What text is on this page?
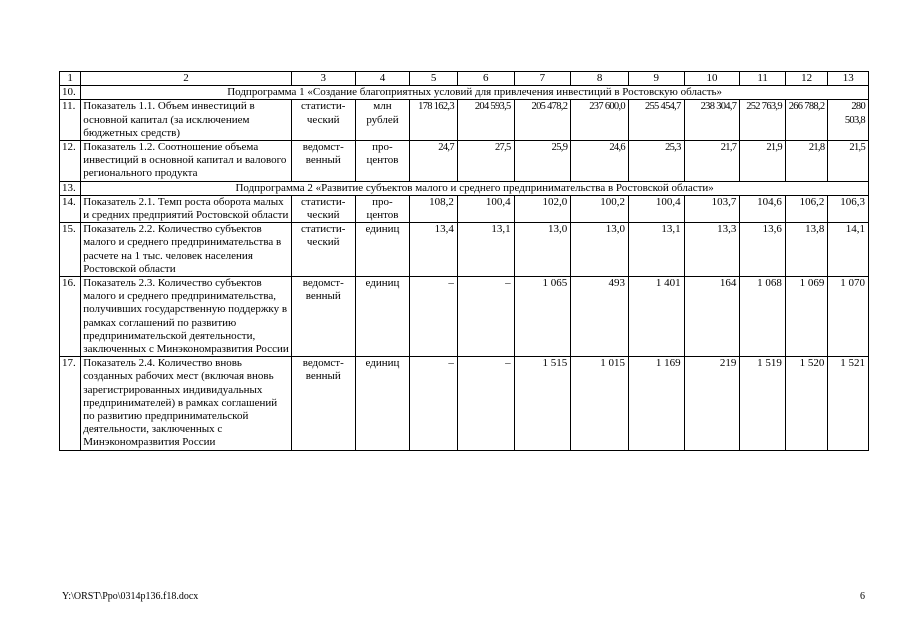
1	2	3	4	5	6	7	8	9	10	11	12	13
10.	Подпрограмма 1 «Создание благоприятных условий для привлечения инвестиций в Ростовскую область»											
11.	Показатель 1.1. Объем инвестиций в основной капитал (за исключением бюджетных средств)	статисти-ческий	млн рублей	178 162,3	204 593,5	205 478,2	237 600,0	255 454,7	238 304,7	252 763,9	266 788,2	280 503,8
12.	Показатель 1.2. Соотношение объема инвестиций в основной капитал и валового регионального продукта	ведомст-венный	про-центов	24,7	27,5	25,9	24,6	25,3	21,7	21,9	21,8	21,5
13.	Подпрограмма 2 «Развитие субъектов малого и среднего предпринимательства в Ростовской области»											
14.	Показатель 2.1. Темп роста оборота малых и средних предприятий Ростовской области	статисти-ческий	про-центов	108,2	100,4	102,0	100,2	100,4	103,7	104,6	106,2	106,3
15.	Показатель 2.2. Количество субъектов малого и среднего предпринимательства в расчете на 1 тыс. человек населения Ростовской области	статисти-ческий	единиц	13,4	13,1	13,0	13,0	13,1	13,3	13,6	13,8	14,1
16.	Показатель 2.3. Количество субъектов малого и среднего предпринимательства, получивших государственную поддержку в рамках соглашений по развитию предпринимательской деятельности, заключенных с Минэкономразвития России	ведомст-венный	единиц	–	–	1 065	493	1 401	164	1 068	1 069	1 070
17.	Показатель 2.4. Количество вновь созданных рабочих мест (включая вновь зарегистрированных индивидуальных предпринимателей) в рамках соглашений по развитию предпринимательской деятельности, заключенных с Минэкономразвития России	ведомст-венный	единиц	–	–	1 515	1 015	1 169	219	1 519	1 520	1 521
Y:\ORST\Ppo\0314p136.f18.docx	6
